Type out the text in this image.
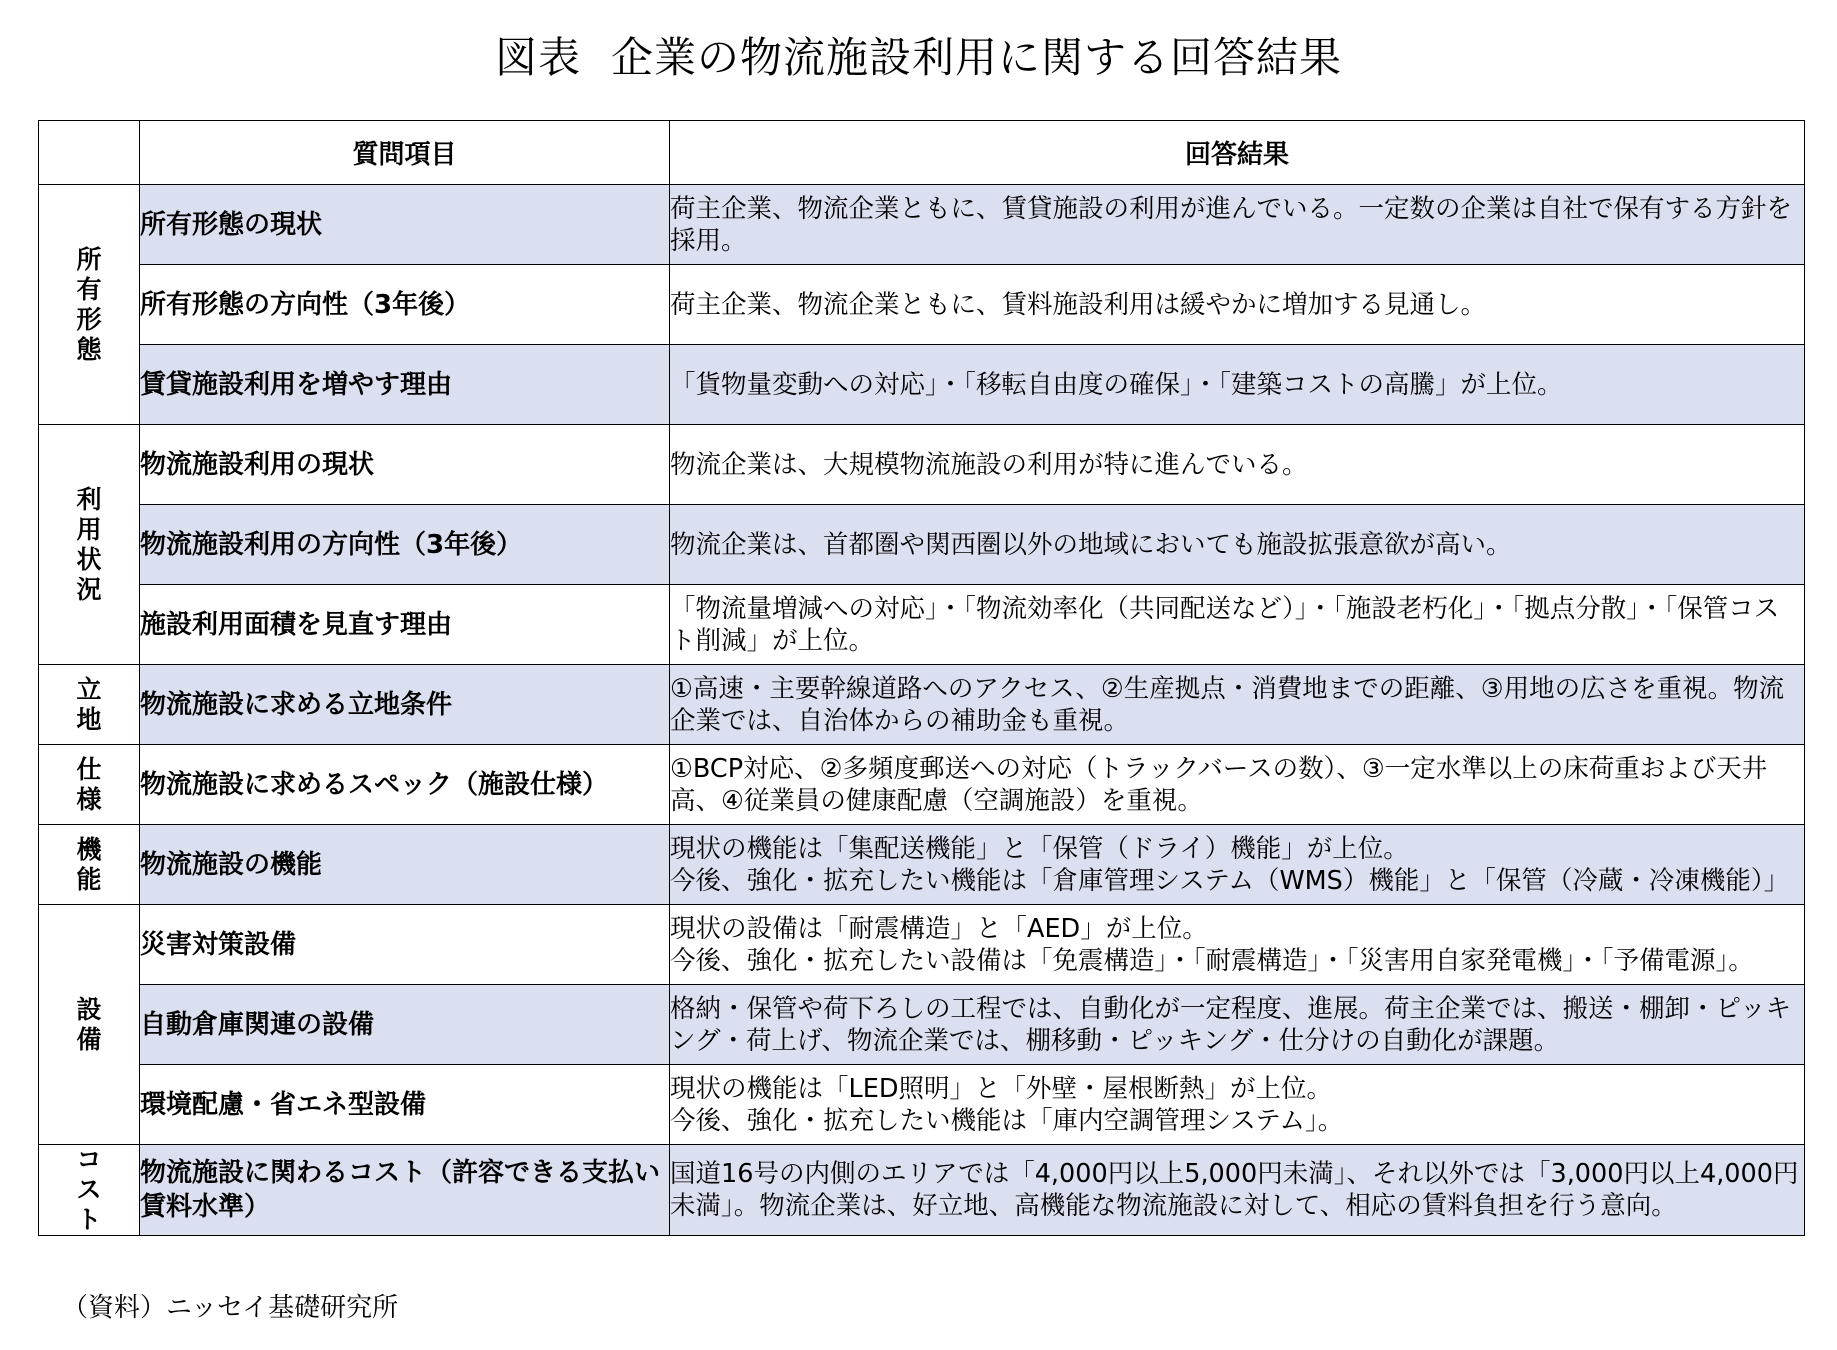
図表 企業の物流施設利用に関する回答結果
	質問項目	回答結果
所有形態	所有形態の現状	荷主企業、物流企業ともに、賃貸施設の利用が進んでいる。一定数の企業は自社で保有する方針を採用。

	所有形態の方向性（3年後）	荷主企業、物流企業ともに、賃料施設利用は緩やかに増加する見通し。

	賃貸施設利用を増やす理由	「貨物量変動への対応」・「移転自由度の確保」・「建築コストの高騰」が上位。

利用状況	物流施設利用の現状	物流企業は、大規模物流施設の利用が特に進んでいる。

	物流施設利用の方向性（3年後）	物流企業は、首都圏や関西圏以外の地域においても施設拡張意欲が高い。

	施設利用面積を見直す理由	「物流量増減への対応」・「物流効率化（共同配送など）」・「施設老朽化」・「拠点分散」・「保管コスト削減」が上位。

立地	物流施設に求める立地条件	①高速・主要幹線道路へのアクセス、②生産拠点・消費地までの距離、③用地の広さを重視。物流企業では、自治体からの補助金も重視。

仕様	物流施設に求めるスペック（施設仕様）	①BCP対応、②多頻度郵送への対応（トラックバースの数）、③一定水準以上の床荷重および天井高、④従業員の健康配慮（空調施設）を重視。

機能	物流施設の機能	現状の機能は「集配送機能」と「保管（ドライ）機能」が上位。
今後、強化・拡充したい機能は「倉庫管理システム（WMS）機能」と「保管（冷蔵・冷凍機能）」

設備	災害対策設備	現状の設備は「耐震構造」と「AED」が上位。
今後、強化・拡充したい設備は「免震構造」・「耐震構造」・「災害用自家発電機」・「予備電源」。

	自動倉庫関連の設備	格納・保管や荷下ろしの工程では、自動化が一定程度、進展。荷主企業では、搬送・棚卸・ピッキング・荷上げ、物流企業では、棚移動・ピッキング・仕分けの自動化が課題。

	環境配慮・省エネ型設備	現状の機能は「LED照明」と「外壁・屋根断熱」が上位。
今後、強化・拡充したい機能は「庫内空調管理システム」。

コスト	物流施設に関わるコスト（許容できる支払い賃料水準）	国道16号の内側のエリアでは「4,000円以上5,000円未満」、それ以外では「3,000円以上4,000円未満」。物流企業は、好立地、高機能な物流施設に対して、相応の賃料負担を行う意向。
（資料）ニッセイ基礎研究所
